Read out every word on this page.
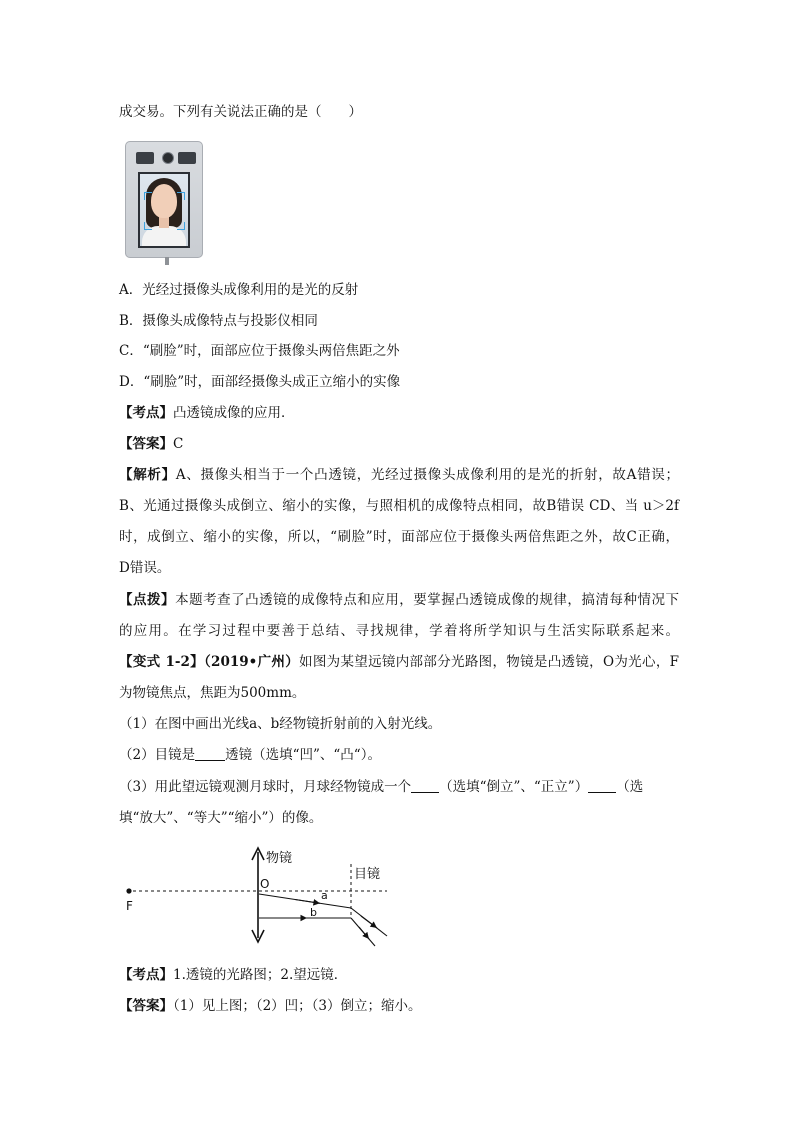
成交易。下列有关说法正确的是（　　）
A．光经过摄像头成像利用的是光的反射
B．摄像头成像特点与投影仪相同
C．“刷脸”时，面部应位于摄像头两倍焦距之外
D．“刷脸”时，面部经摄像头成正立缩小的实像
【考点】凸透镜成像的应用．
【答案】C
【解析】A、摄像头相当于一个凸透镜，光经过摄像头成像利用的是光的折射，故A错误；
B、光通过摄像头成倒立、缩小的实像，与照相机的成像特点相同，故B错误 CD、当 u＞2f
时，成倒立、缩小的实像，所以，“刷脸”时，面部应位于摄像头两倍焦距之外，故C正确，
D错误。
【点拨】本题考查了凸透镜的成像特点和应用，要掌握凸透镜成像的规律，搞清每种情况下
的应用。在学习过程中要善于总结、寻找规律，学着将所学知识与生活实际联系起来。
【变式 1-2】（2019•广州）如图为某望远镜内部部分光路图，物镜是凸透镜，O为光心，F
为物镜焦点，焦距为500mm。
（1）在图中画出光线a、b经物镜折射前的入射光线。
（2）目镜是 透镜（选填“凹”、“凸“）。
（3）用此望远镜观测月球时，月球经物镜成一个 （选填“倒立”、“正立”） （选
填“放大”、“等大”“缩小”）的像。
物镜
目镜
O
F
a
b
【考点】1.透镜的光路图；2.望远镜．
【答案】（1）见上图；（2）凹；（3）倒立；缩小。
